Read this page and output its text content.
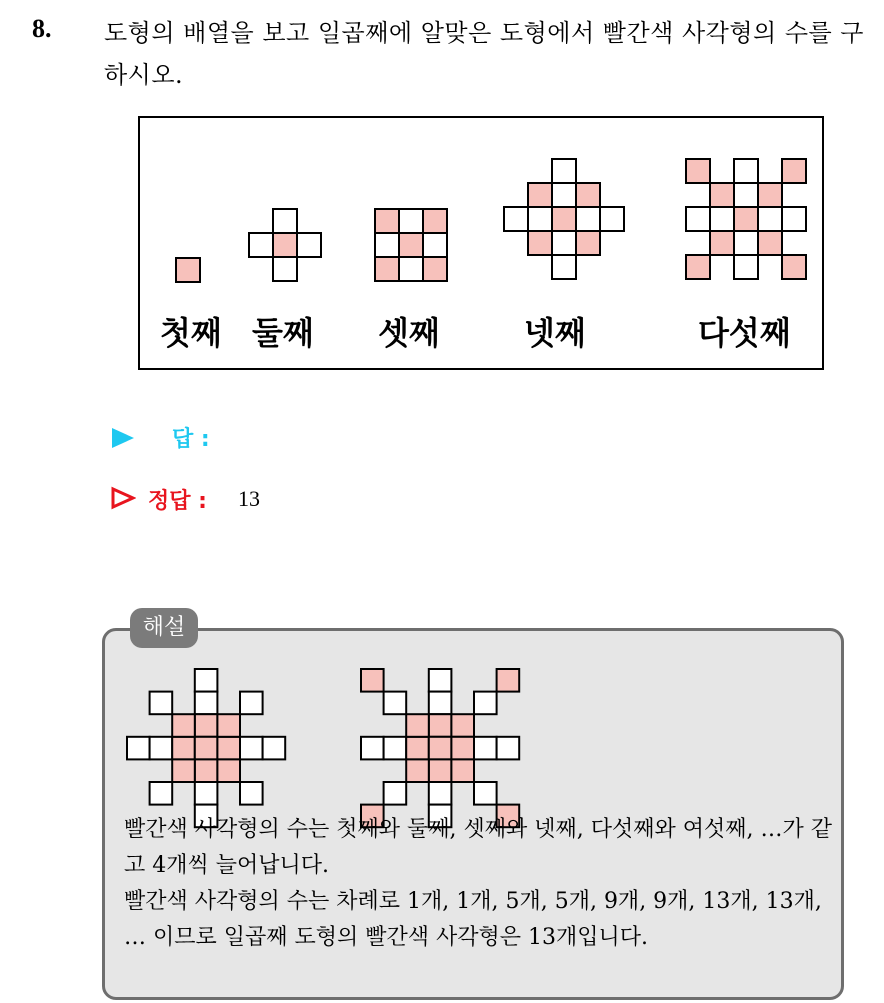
8. 도형의 배열을 보고 일곱째에 알맞은 도형에서 빨간색 사각형의 수를 구하시오.
첫째 둘째 셋째	넷째	다섯째
답 :
정답 : 13
해설
빨간색 사각형의 수는 첫째와 둘째, 셋째와 넷째, 다섯째와 여섯째, …가 같고 4개씩 늘어납니다.
빨간색 사각형의 수는 차례로 1개, 1개, 5개, 5개, 9개, 9개, 13개, 13개, … 이므로 일곱째 도형의 빨간색 사각형은 13개입니다.
